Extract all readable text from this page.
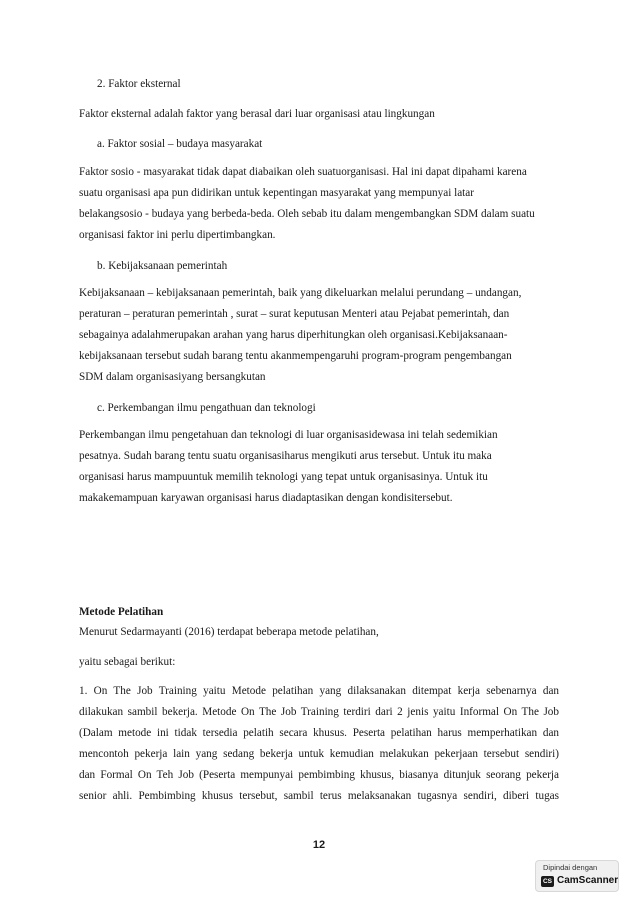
2. Faktor eksternal
Faktor eksternal adalah faktor yang berasal dari luar organisasi atau lingkungan
a. Faktor sosial – budaya masyarakat
Faktor sosio - masyarakat tidak dapat diabaikan oleh suatuorganisasi. Hal ini dapat dipahami karena
suatu organisasi apa pun didirikan untuk kepentingan masyarakat yang mempunyai latar
belakangsosio - budaya yang berbeda-beda. Oleh sebab itu dalam mengembangkan SDM dalam suatu
organisasi faktor ini perlu dipertimbangkan.
b. Kebijaksanaan pemerintah
Kebijaksanaan – kebijaksanaan pemerintah, baik yang dikeluarkan melalui perundang – undangan,
peraturan – peraturan pemerintah , surat – surat keputusan Menteri atau Pejabat pemerintah, dan
sebagainya adalahmerupakan arahan yang harus diperhitungkan oleh organisasi.Kebijaksanaan-
kebijaksanaan tersebut sudah barang tentu akanmempengaruhi program-program pengembangan
SDM dalam organisasiyang bersangkutan
c. Perkembangan ilmu pengathuan dan teknologi
Perkembangan ilmu pengetahuan dan teknologi di luar organisasidewasa ini telah sedemikian
pesatnya. Sudah barang tentu suatu organisasiharus mengikuti arus tersebut. Untuk itu maka
organisasi harus mampuuntuk memilih teknologi yang tepat untuk organisasinya. Untuk itu
makakemampuan karyawan organisasi harus diadaptasikan dengan kondisitersebut.
Metode Pelatihan
Menurut Sedarmayanti (2016) terdapat beberapa metode pelatihan,
yaitu sebagai berikut:
1. On The Job Training yaitu Metode pelatihan yang dilaksanakan ditempat kerja sebenarnya dan
dilakukan sambil bekerja. Metode On The Job Training terdiri dari 2 jenis yaitu Informal On The Job
(Dalam metode ini tidak tersedia pelatih secara khusus. Peserta pelatihan harus memperhatikan dan
mencontoh pekerja lain yang sedang bekerja untuk kemudian melakukan pekerjaan tersebut sendiri)
dan Formal On Teh Job (Peserta mempunyai pembimbing khusus, biasanya ditunjuk seorang pekerja
senior ahli. Pembimbing khusus tersebut, sambil terus melaksanakan tugasnya sendiri, diberi tugas
12
Dipindai dengan
CS CamScanner
